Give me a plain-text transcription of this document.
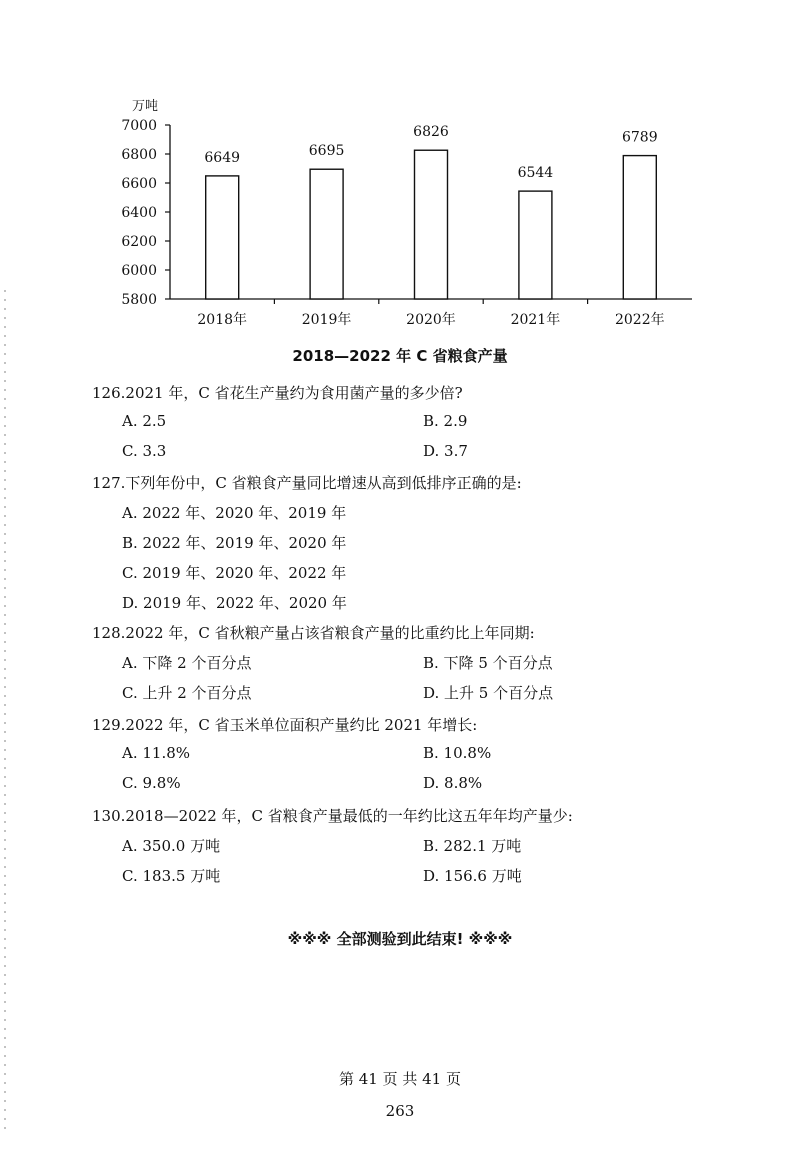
万吨
5800
6000
6200
6400
6600
6800
7000
6649
2018年
6695
2019年
6826
2020年
6544
2021年
6789
2022年
2018—2022 年 C 省粮食产量
126.2021 年，C 省花生产量约为食用菌产量的多少倍?
A. 2.5	B. 2.9
C. 3.3	D. 3.7
127.下列年份中，C 省粮食产量同比增速从高到低排序正确的是:
A. 2022 年、2020 年、2019 年
B. 2022 年、2019 年、2020 年
C. 2019 年、2020 年、2022 年
D. 2019 年、2022 年、2020 年
128.2022 年，C 省秋粮产量占该省粮食产量的比重约比上年同期:
A. 下降 2 个百分点	B. 下降 5 个百分点
C. 上升 2 个百分点	D. 上升 5 个百分点
129.2022 年，C 省玉米单位面积产量约比 2021 年增长:
A. 11.8%	B. 10.8%
C. 9.8%	D. 8.8%
130.2018—2022 年，C 省粮食产量最低的一年约比这五年年均产量少:
A. 350.0 万吨	B. 282.1 万吨
C. 183.5 万吨	D. 156.6 万吨
※※※ 全部测验到此结束! ※※※
第 41 页 共 41 页
263
